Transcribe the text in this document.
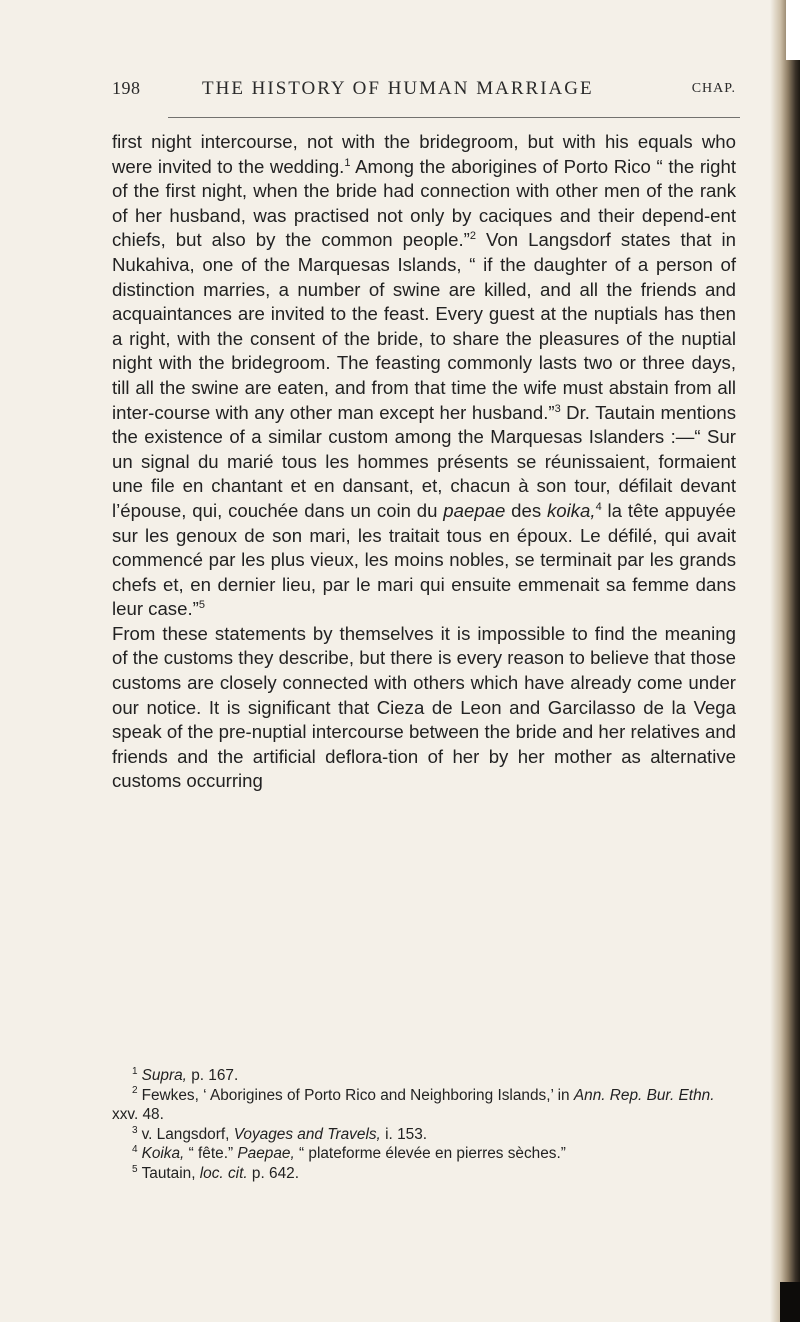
198	THE HISTORY OF HUMAN MARRIAGE	CHAP.

first night intercourse, not with the bridegroom, but with his equals who were invited to the wedding.$^1$ Among the aborigines of Porto Rico “ the right of the first night, when the bride had connection with other men of the rank of her husband, was practised not only by caciques and their depend-ent chiefs, but also by the common people.”$^2$ Von Langsdorf states that in Nukahiva, one of the Marquesas Islands, “ if the daughter of a person of distinction marries, a number of swine are killed, and all the friends and acquaintances are invited to the feast. Every guest at the nuptials has then a right, with the consent of the bride, to share the pleasures of the nuptial night with the bridegroom. The feasting commonly lasts two or three days, till all the swine are eaten, and from that time the wife must abstain from all inter-course with any other man except her husband.”$^3$ Dr. Tautain mentions the existence of a similar custom among the Marquesas Islanders :—“ Sur un signal du marié tous les hommes présents se réunissaient, formaient une file en chantant et en dansant, et, chacun à son tour, défilait devant l’épouse, qui, couchée dans un coin du paepae des koika,$^4$ la tête appuyée sur les genoux de son mari, les traitait tous en époux. Le défilé, qui avait commencé par les plus vieux, les moins nobles, se terminait par les grands chefs et, en dernier lieu, par le mari qui ensuite emmenait sa femme dans leur case.”$^5$

From these statements by themselves it is impossible to find the meaning of the customs they describe, but there is every reason to believe that those customs are closely connected with others which have already come under our notice. It is significant that Cieza de Leon and Garcilasso de la Vega speak of the pre-nuptial intercourse between the bride and her relatives and friends and the artificial deflora-tion of her by her mother as alternative customs occurring

$^1$ Supra, p. 167.

$^2$ Fewkes, ‘ Aborigines of Porto Rico and Neighboring Islands,’ in Ann. Rep. Bur. Ethn. xxv. 48.

$^3$ v. Langsdorf, Voyages and Travels, i. 153.

$^4$ Koika, “ fête.” Paepae, “ plateforme élevée en pierres sèches.”

$^5$ Tautain, loc. cit. p. 642.
